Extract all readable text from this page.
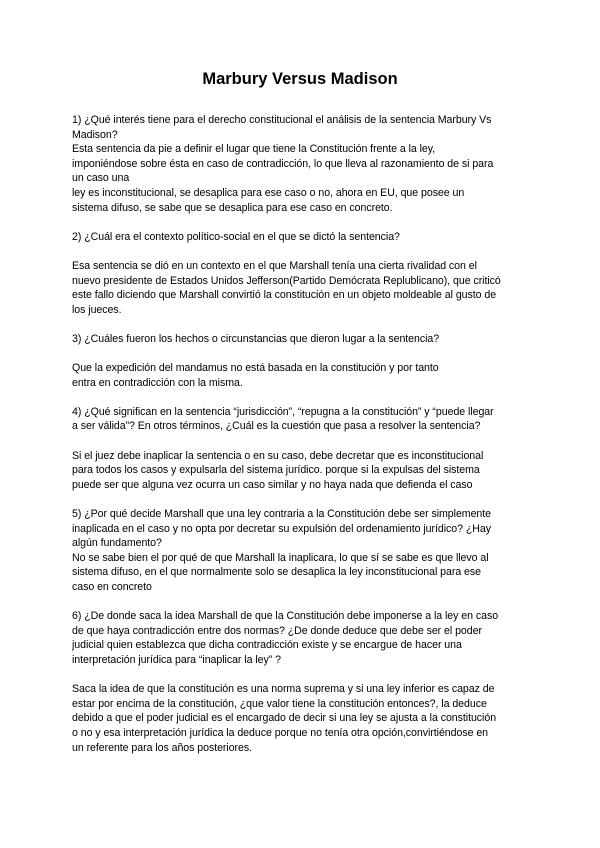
Marbury Versus Madison
1) ¿Qué interés tiene para el derecho constitucional el análisis de la sentencia Marbury Vs
Madison?
Esta sentencia da pie a definir el lugar que tiene la Constitución frente a la ley,
imponiéndose sobre ésta en caso de contradicción, lo que lleva al razonamiento de si para
un caso una
ley es inconstitucional, se desaplica para ese caso o no, ahora en EU, que posee un
sistema difuso, se sabe que se desaplica para ese caso en concreto.
2) ¿Cuál era el contexto político-social en el que se dictó la sentencia?
Esa sentencia se dió en un contexto en el que Marshall tenía una cierta rivalidad con el
nuevo presidente de Estados Unidos Jefferson(Partido Demócrata Replublicano), que criticó
este fallo diciendo que Marshall convirtió la constitución en un objeto moldeable al gusto de
los jueces.
3) ¿Cuáles fueron los hechos o circunstancias que dieron lugar a la sentencia?
Que la expedición del mandamus no está basada en la constitución y por tanto
entra en contradicción con la misma.
4) ¿Qué significan en la sentencia “jurisdicción”, “repugna a la constitución” y “puede llegar
a ser válida”? En otros términos, ¿Cuál es la cuestión que pasa a resolver la sentencia?
Si el juez debe inaplicar la sentencia o en su caso, debe decretar que es inconstitucional
para todos los casos y expulsarla del sistema jurídico. porque si la expulsas del sistema
puede ser que alguna vez ocurra un caso similar y no haya nada que defienda el caso
5) ¿Por qué decide Marshall que una ley contraria a la Constitución debe ser simplemente
inaplicada en el caso y no opta por decretar su expulsión del ordenamiento jurídico? ¿Hay
algún fundamento?
No se sabe bien el por qué de que Marshall la inaplicara, lo que sí se sabe es que llevo al
sistema difuso, en el que normalmente solo se desaplica la ley inconstitucional para ese
caso en concreto
6) ¿De donde saca la idea Marshall de que la Constitución debe imponerse a la ley en caso
de que haya contradicción entre dos normas? ¿De donde deduce que debe ser el poder
judicial quien establezca que dicha contradicción existe y se encargue de hacer una
interpretación jurídica para “inaplicar la ley” ?
Saca la idea de que la constitución es una norma suprema y si una ley inferior es capaz de
estar por encima de la constitución, ¿que valor tiene la constitución entonces?, la deduce
debido a que el poder judicial es el encargado de decir si una ley se ajusta a la constitución
o no y esa interpretación jurídica la deduce porque no tenía otra opción,convirtiéndose en
un referente para los años posteriores.
